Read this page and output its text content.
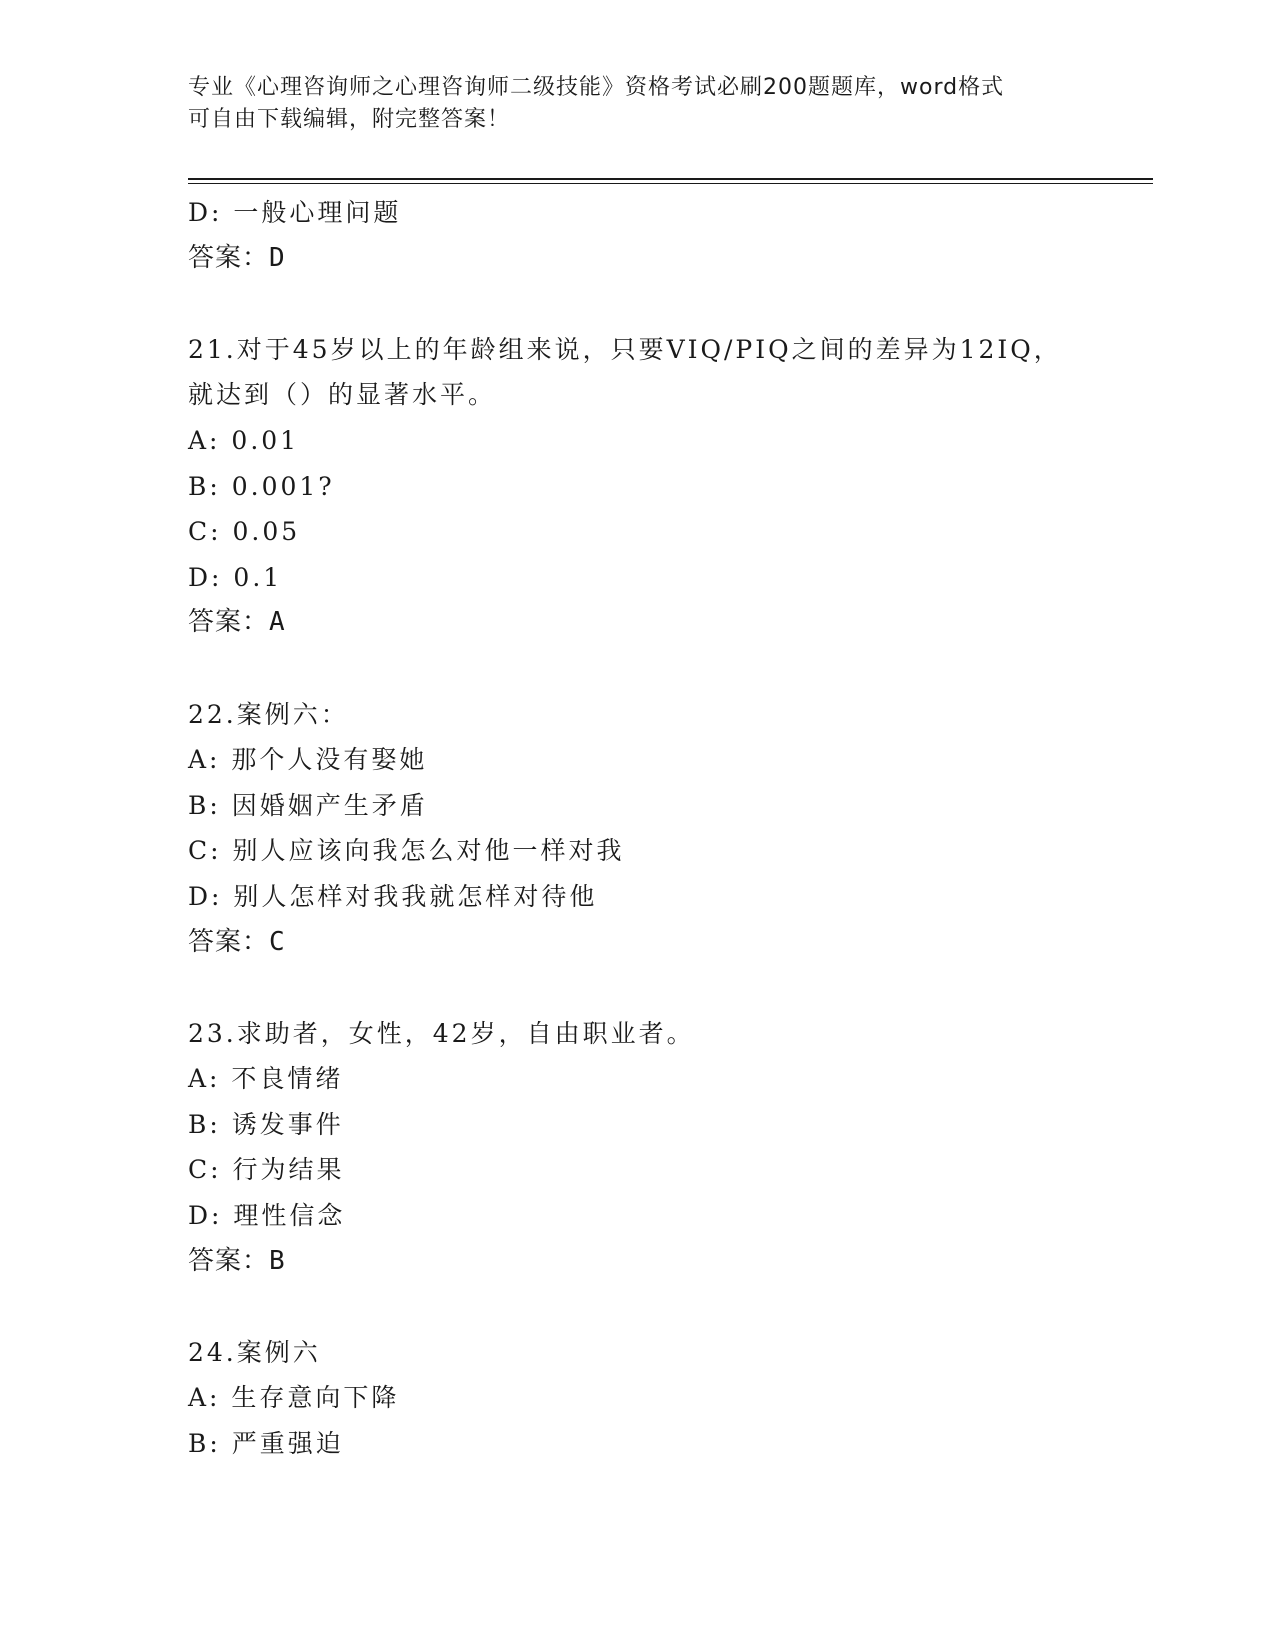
专业《心理咨询师之心理咨询师二级技能》资格考试必刷200题题库，word格式
可自由下载编辑，附完整答案！
D: 一般心理问题
答案：D
21.对于45岁以上的年龄组来说，只要VIQ/PIQ之间的差异为12IQ，
就达到（）的显著水平。
A: 0.01
B: 0.001?
C: 0.05
D: 0.1
答案：A
22.案例六：
A: 那个人没有娶她
B: 因婚姻产生矛盾
C: 别人应该向我怎么对他一样对我
D: 别人怎样对我我就怎样对待他
答案：C
23.求助者，女性，42岁，自由职业者。
A: 不良情绪
B: 诱发事件
C: 行为结果
D: 理性信念
答案：B
24.案例六
A: 生存意向下降
B: 严重强迫
